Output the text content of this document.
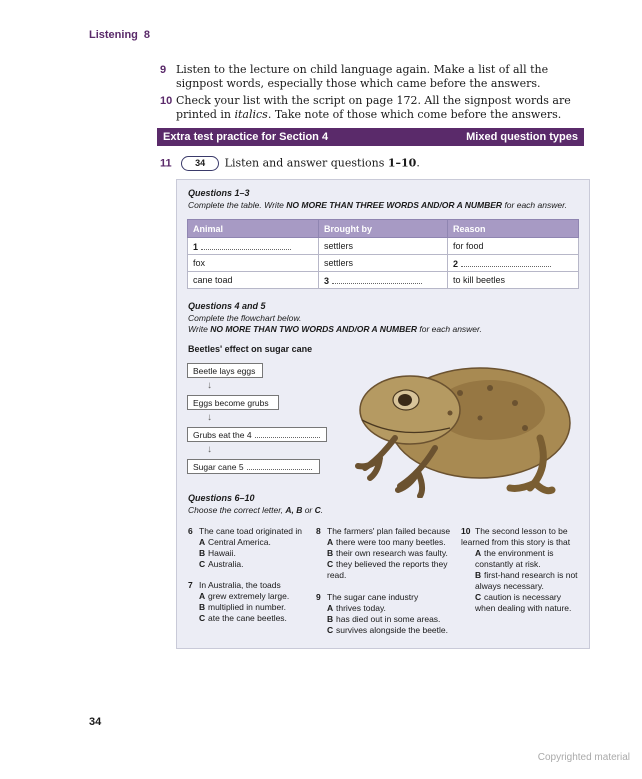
Listening 8
9 Listen to the lecture on child language again. Make a list of all the signpost words, especially those which came before the answers.
10 Check your list with the script on page 172. All the signpost words are printed in italics. Take note of those which come before the answers.
Extra test practice for Section 4	Mixed question types
11	34 Listen and answer questions 1–10.
Questions 1–3
Complete the table. Write NO MORE THAN THREE WORDS AND/OR A NUMBER for each answer.
Animal	Brought by	Reason
1	settlers	for food
fox	settlers	2
cane toad	3	to kill beetles
Questions 4 and 5
Complete the flowchart below.
Write NO MORE THAN TWO WORDS AND/OR A NUMBER for each answer.
Beetles' effect on sugar cane
Beetle lays eggs
↓
Eggs become grubs
↓
Grubs eat the 4
↓
Sugar cane 5
Questions 6–10
Choose the correct letter, A, B or C.
6 The cane toad originated in
A Central America.
B Hawaii.
C Australia.
7 In Australia, the toads
A grew extremely large.
B multiplied in number.
C ate the cane beetles.
8 The farmers' plan failed because
A there were too many beetles.
B their own research was faulty.
C they believed the reports they read.
9 The sugar cane industry
A thrives today.
B has died out in some areas.
C survives alongside the beetle.
10 The second lesson to be learned from this story is that
A the environment is constantly at risk.
B first-hand research is not always necessary.
C caution is necessary when dealing with nature.
34
Copyrighted material
